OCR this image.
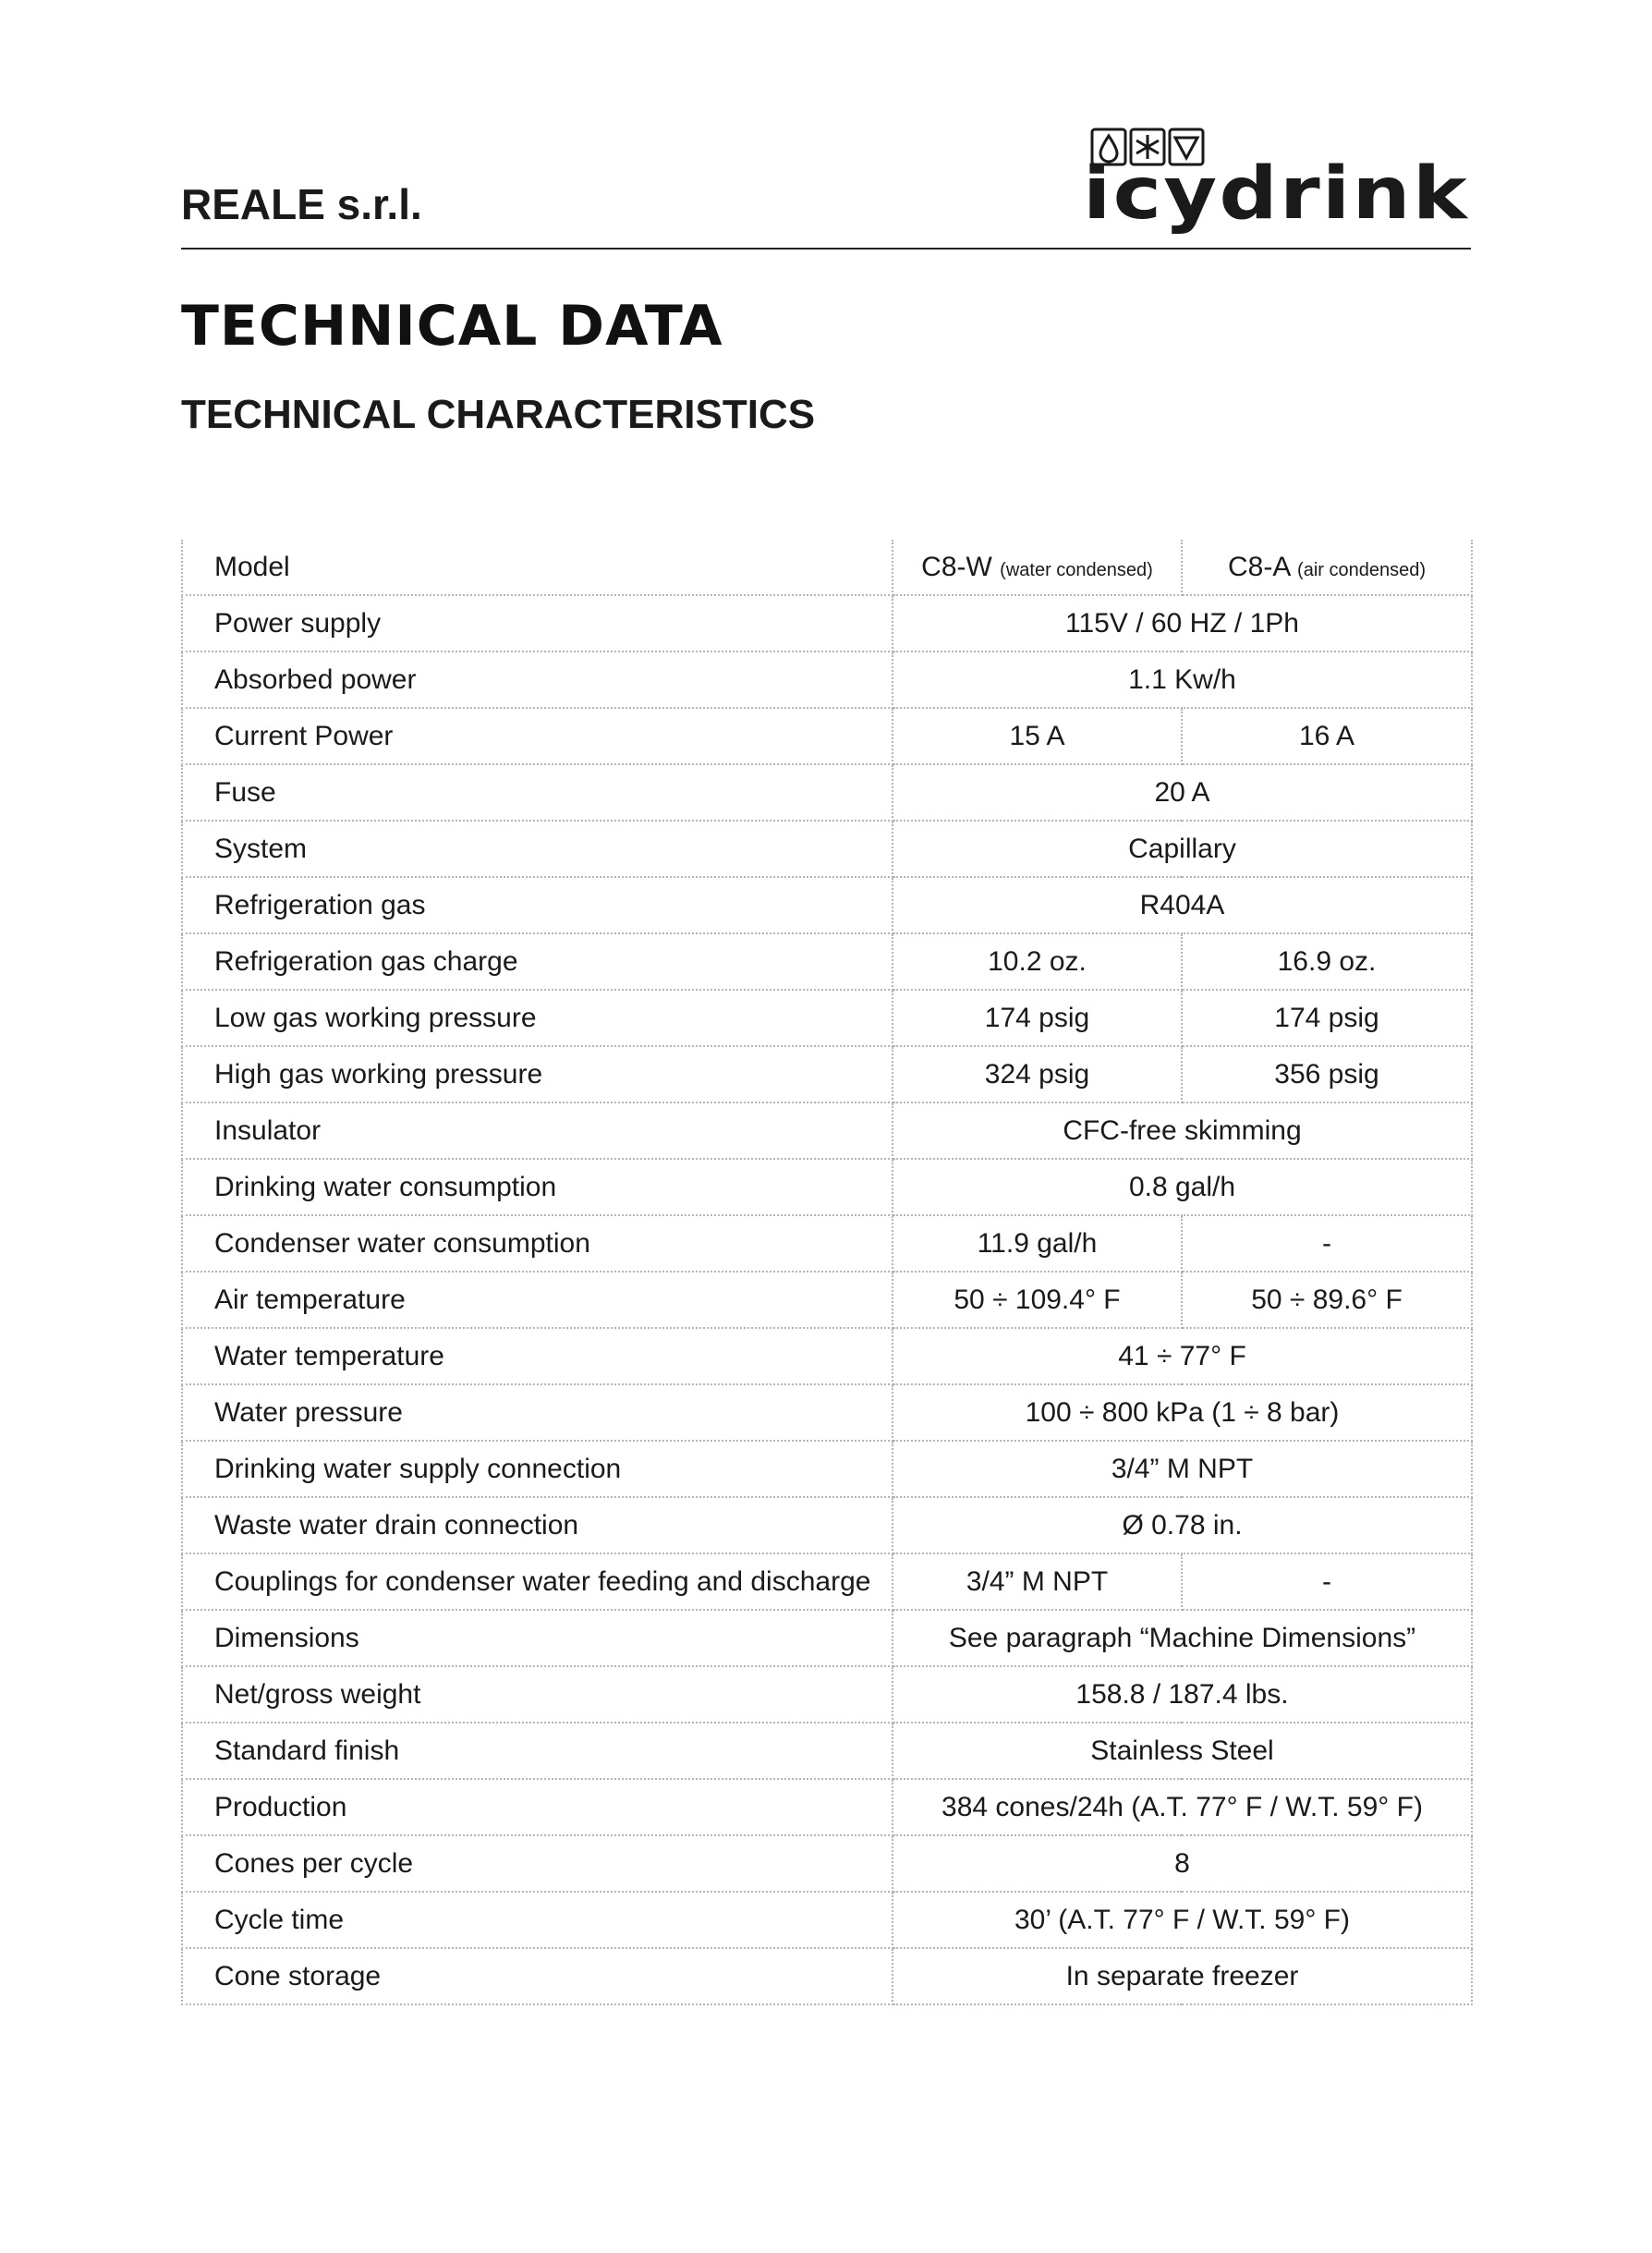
REALE s.r.l.	icydrink
TECHNICAL DATA
TECHNICAL CHARACTERISTICS
Model	C8-W (water condensed)	C8-A (air condensed)
Power supply	115V / 60 HZ / 1Ph	
Absorbed power	1.1 Kw/h	
Current Power	15 A	16 A
Fuse	20 A	
System	Capillary	
Refrigeration gas	R404A	
Refrigeration gas charge	10.2 oz.	16.9 oz.
Low gas working pressure	174 psig	174 psig
High gas working pressure	324 psig	356 psig
Insulator	CFC-free skimming	
Drinking water consumption	0.8 gal/h	
Condenser water consumption	11.9 gal/h	-
Air temperature	50 ÷ 109.4° F	50 ÷ 89.6° F
Water temperature	41 ÷ 77° F	
Water pressure	100 ÷ 800 kPa (1 ÷ 8 bar)	
Drinking water supply connection	3/4” M NPT	
Waste water drain connection	Ø 0.78 in.	
Couplings for condenser water feeding and discharge	3/4” M NPT	-
Dimensions	See paragraph “Machine Dimensions”	
Net/gross weight	158.8 / 187.4 lbs.	
Standard finish	Stainless Steel	
Production	384 cones/24h (A.T. 77° F / W.T. 59° F)	
Cones per cycle	8	
Cycle time	30’ (A.T. 77° F / W.T. 59° F)	
Cone storage	In separate freezer	
